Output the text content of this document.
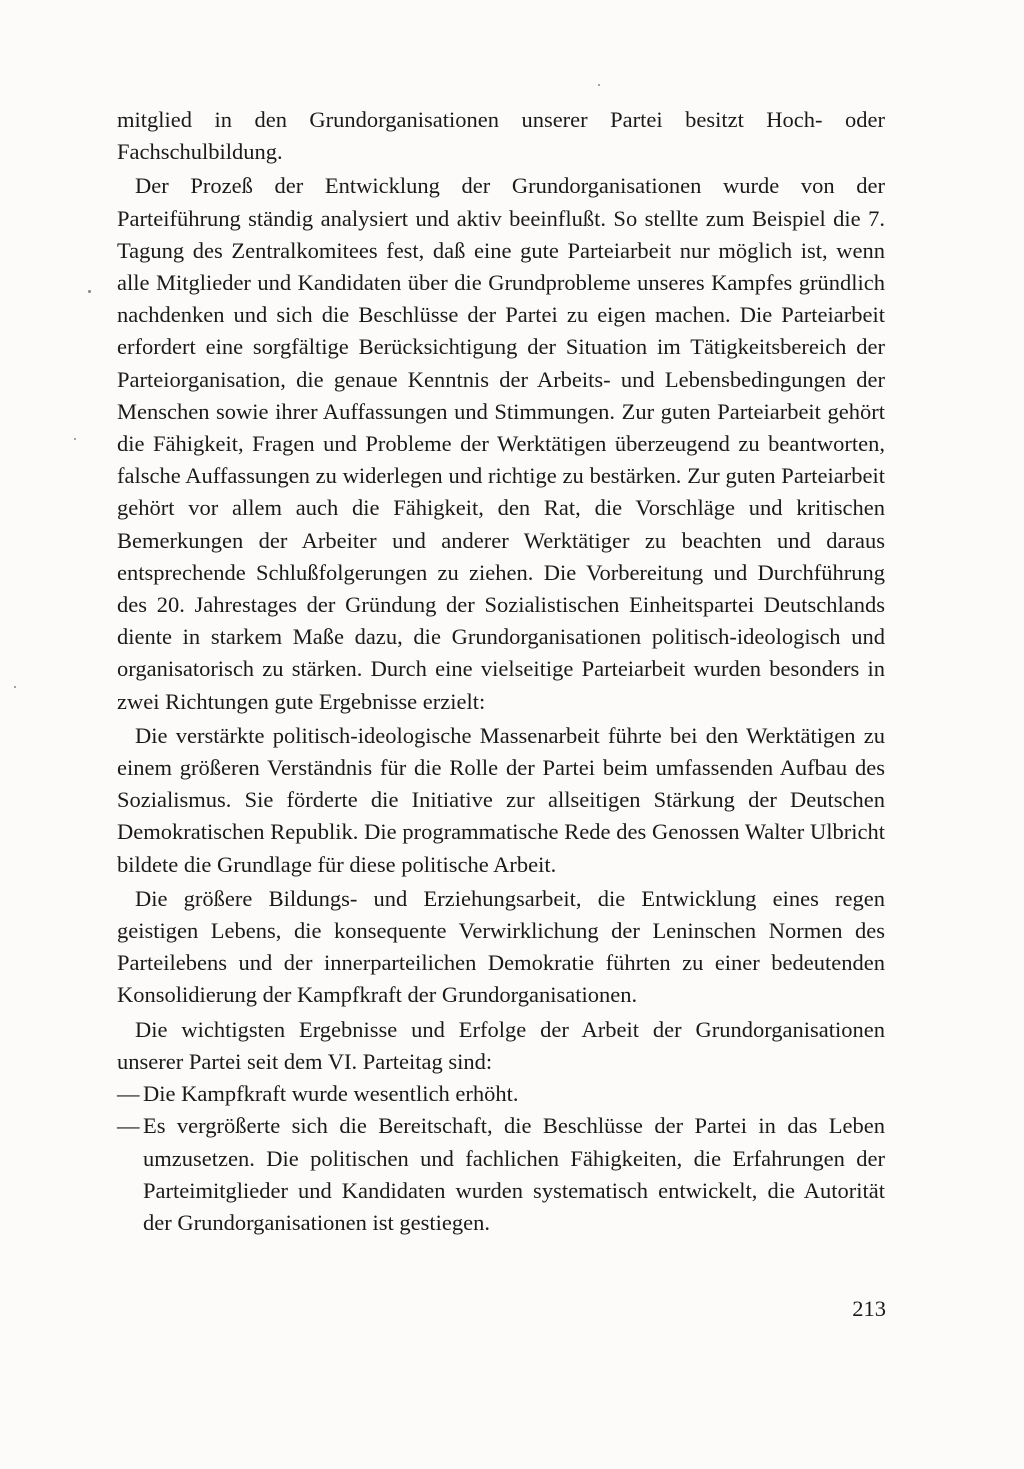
mitglied in den Grundorganisationen unserer Partei besitzt Hoch- oder Fachschulbildung.

Der Prozeß der Entwicklung der Grundorganisationen wurde von der Parteiführung ständig analysiert und aktiv beeinflußt. So stellte zum Beispiel die 7. Tagung des Zentralkomitees fest, daß eine gute Parteiarbeit nur möglich ist, wenn alle Mitglieder und Kandidaten über die Grundprobleme unseres Kampfes gründlich nachdenken und sich die Beschlüsse der Partei zu eigen machen. Die Parteiarbeit erfordert eine sorgfältige Berücksichtigung der Situation im Tätigkeitsbereich der Parteiorganisation, die genaue Kenntnis der Arbeits- und Lebensbedingungen der Menschen sowie ihrer Auffassungen und Stimmungen. Zur guten Parteiarbeit gehört die Fähigkeit, Fragen und Probleme der Werktätigen überzeugend zu beantworten, falsche Auffassungen zu widerlegen und richtige zu bestärken. Zur guten Parteiarbeit gehört vor allem auch die Fähigkeit, den Rat, die Vorschläge und kritischen Bemerkungen der Arbeiter und anderer Werktätiger zu beachten und daraus entsprechende Schlußfolgerungen zu ziehen. Die Vorbereitung und Durchführung des 20. Jahrestages der Gründung der Sozialistischen Einheitspartei Deutschlands diente in starkem Maße dazu, die Grundorganisationen politisch-ideologisch und organisatorisch zu stärken. Durch eine vielseitige Parteiarbeit wurden besonders in zwei Richtungen gute Ergebnisse erzielt:

Die verstärkte politisch-ideologische Massenarbeit führte bei den Werktätigen zu einem größeren Verständnis für die Rolle der Partei beim umfassenden Aufbau des Sozialismus. Sie förderte die Initiative zur allseitigen Stärkung der Deutschen Demokratischen Republik. Die programmatische Rede des Genossen Walter Ulbricht bildete die Grundlage für diese politische Arbeit.

Die größere Bildungs- und Erziehungsarbeit, die Entwicklung eines regen geistigen Lebens, die konsequente Verwirklichung der Leninschen Normen des Parteilebens und der innerparteilichen Demokratie führten zu einer bedeutenden Konsolidierung der Kampfkraft der Grundorganisationen.

Die wichtigsten Ergebnisse und Erfolge der Arbeit der Grundorganisationen unserer Partei seit dem VI. Parteitag sind:

— Die Kampfkraft wurde wesentlich erhöht.
— Es vergrößerte sich die Bereitschaft, die Beschlüsse der Partei in das Leben umzusetzen. Die politischen und fachlichen Fähigkeiten, die Erfahrungen der Parteimitglieder und Kandidaten wurden systematisch entwickelt, die Autorität der Grundorganisationen ist gestiegen.
213
